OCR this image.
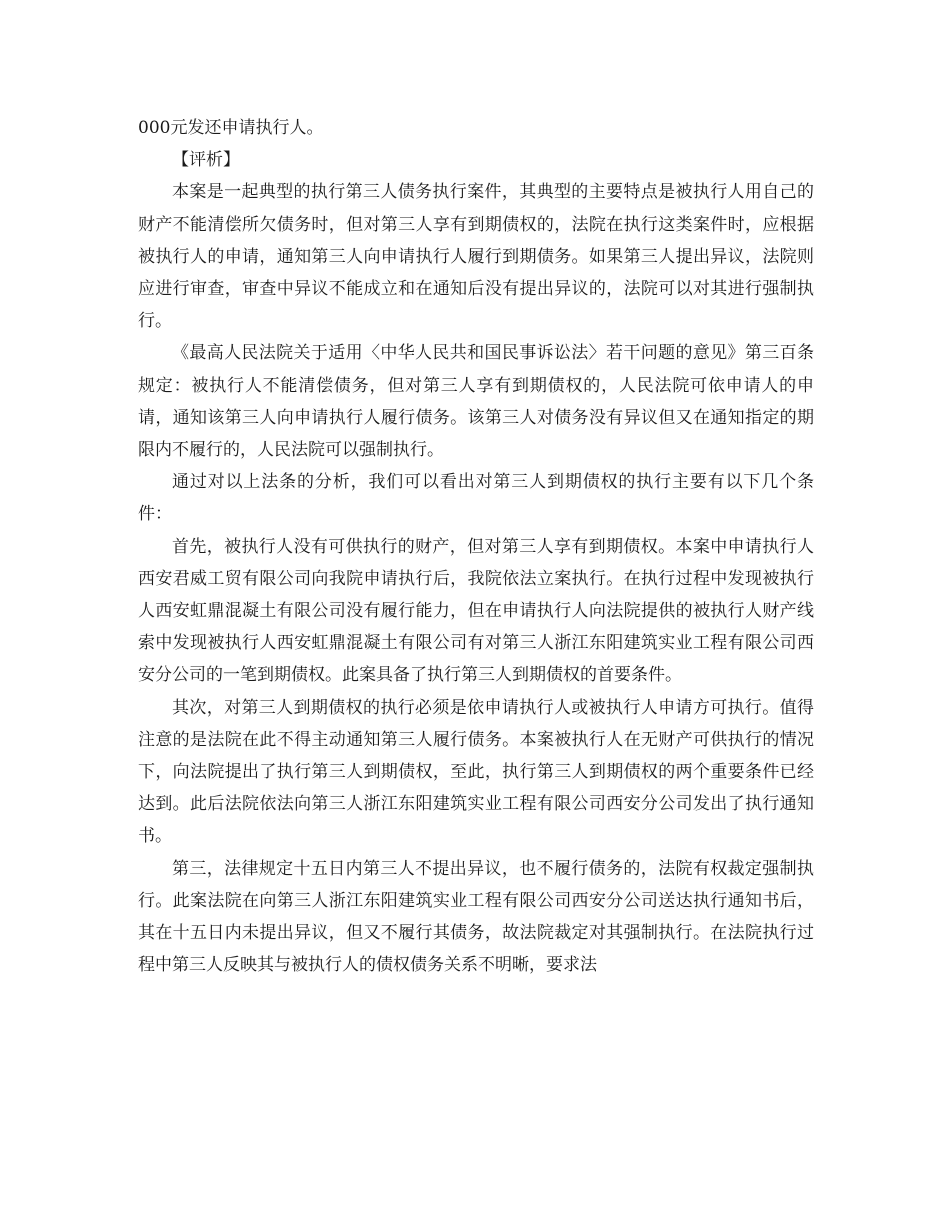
000元发还申请执行人。

【评析】

本案是一起典型的执行第三人债务执行案件，其典型的主要特点是被执行人用自己的财产不能清偿所欠债务时，但对第三人享有到期债权的，法院在执行这类案件时，应根据被执行人的申请，通知第三人向申请执行人履行到期债务。如果第三人提出异议，法院则应进行审查，审查中异议不能成立和在通知后没有提出异议的，法院可以对其进行强制执行。

《最高人民法院关于适用〈中华人民共和国民事诉讼法〉若干问题的意见》第三百条规定：被执行人不能清偿债务，但对第三人享有到期债权的，人民法院可依申请人的申请，通知该第三人向申请执行人履行债务。该第三人对债务没有异议但又在通知指定的期限内不履行的，人民法院可以强制执行。

通过对以上法条的分析，我们可以看出对第三人到期债权的执行主要有以下几个条件：

首先，被执行人没有可供执行的财产，但对第三人享有到期债权。本案中申请执行人西安君威工贸有限公司向我院申请执行后，我院依法立案执行。在执行过程中发现被执行人西安虹鼎混凝土有限公司没有履行能力，但在申请执行人向法院提供的被执行人财产线索中发现被执行人西安虹鼎混凝土有限公司有对第三人浙江东阳建筑实业工程有限公司西安分公司的一笔到期债权。此案具备了执行第三人到期债权的首要条件。

其次，对第三人到期债权的执行必须是依申请执行人或被执行人申请方可执行。值得注意的是法院在此不得主动通知第三人履行债务。本案被执行人在无财产可供执行的情况下，向法院提出了执行第三人到期债权，至此，执行第三人到期债权的两个重要条件已经达到。此后法院依法向第三人浙江东阳建筑实业工程有限公司西安分公司发出了执行通知书。

第三，法律规定十五日内第三人不提出异议，也不履行债务的，法院有权裁定强制执行。此案法院在向第三人浙江东阳建筑实业工程有限公司西安分公司送达执行通知书后，其在十五日内未提出异议，但又不履行其债务，故法院裁定对其强制执行。在法院执行过程中第三人反映其与被执行人的债权债务关系不明晰，要求法
